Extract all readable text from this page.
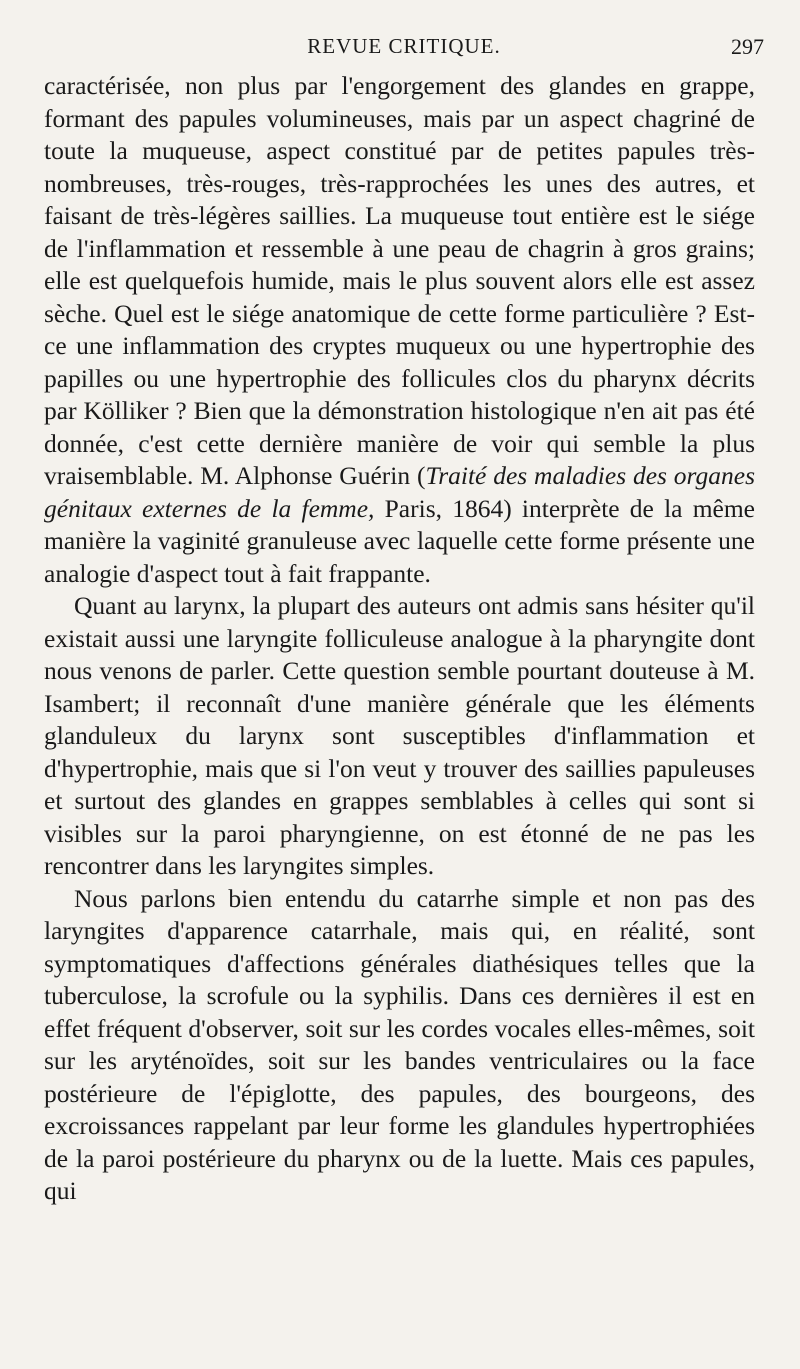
REVUE CRITIQUE.	297

caractérisée, non plus par l'engorgement des glandes en grappe, formant des papules volumineuses, mais par un aspect chagriné de toute la muqueuse, aspect constitué par de petites papules très-nombreuses, très-rouges, très-rapprochées les unes des autres, et faisant de très-légères saillies. La muqueuse tout entière est le siége de l'inflammation et ressemble à une peau de chagrin à gros grains; elle est quelquefois humide, mais le plus souvent alors elle est assez sèche. Quel est le siége anatomique de cette forme particulière ? Est-ce une inflammation des cryptes muqueux ou une hypertrophie des papilles ou une hypertrophie des follicules clos du pharynx décrits par Kölliker ? Bien que la démonstration histologique n'en ait pas été donnée, c'est cette dernière manière de voir qui semble la plus vraisemblable. M. Alphonse Guérin (Traité des maladies des organes génitaux externes de la femme, Paris, 1864) interprète de la même manière la vaginité granuleuse avec laquelle cette forme présente une analogie d'aspect tout à fait frappante.

Quant au larynx, la plupart des auteurs ont admis sans hésiter qu'il existait aussi une laryngite folliculeuse analogue à la pharyngite dont nous venons de parler. Cette question semble pourtant douteuse à M. Isambert; il reconnaît d'une manière générale que les éléments glanduleux du larynx sont susceptibles d'inflammation et d'hypertrophie, mais que si l'on veut y trouver des saillies papuleuses et surtout des glandes en grappes semblables à celles qui sont si visibles sur la paroi pharyngienne, on est étonné de ne pas les rencontrer dans les laryngites simples.

Nous parlons bien entendu du catarrhe simple et non pas des laryngites d'apparence catarrhale, mais qui, en réalité, sont symptomatiques d'affections générales diathésiques telles que la tuberculose, la scrofule ou la syphilis. Dans ces dernières il est en effet fréquent d'observer, soit sur les cordes vocales elles-mêmes, soit sur les aryténoïdes, soit sur les bandes ventriculaires ou la face postérieure de l'épiglotte, des papules, des bourgeons, des excroissances rappelant par leur forme les glandules hypertrophiées de la paroi postérieure du pharynx ou de la luette. Mais ces papules, qui
